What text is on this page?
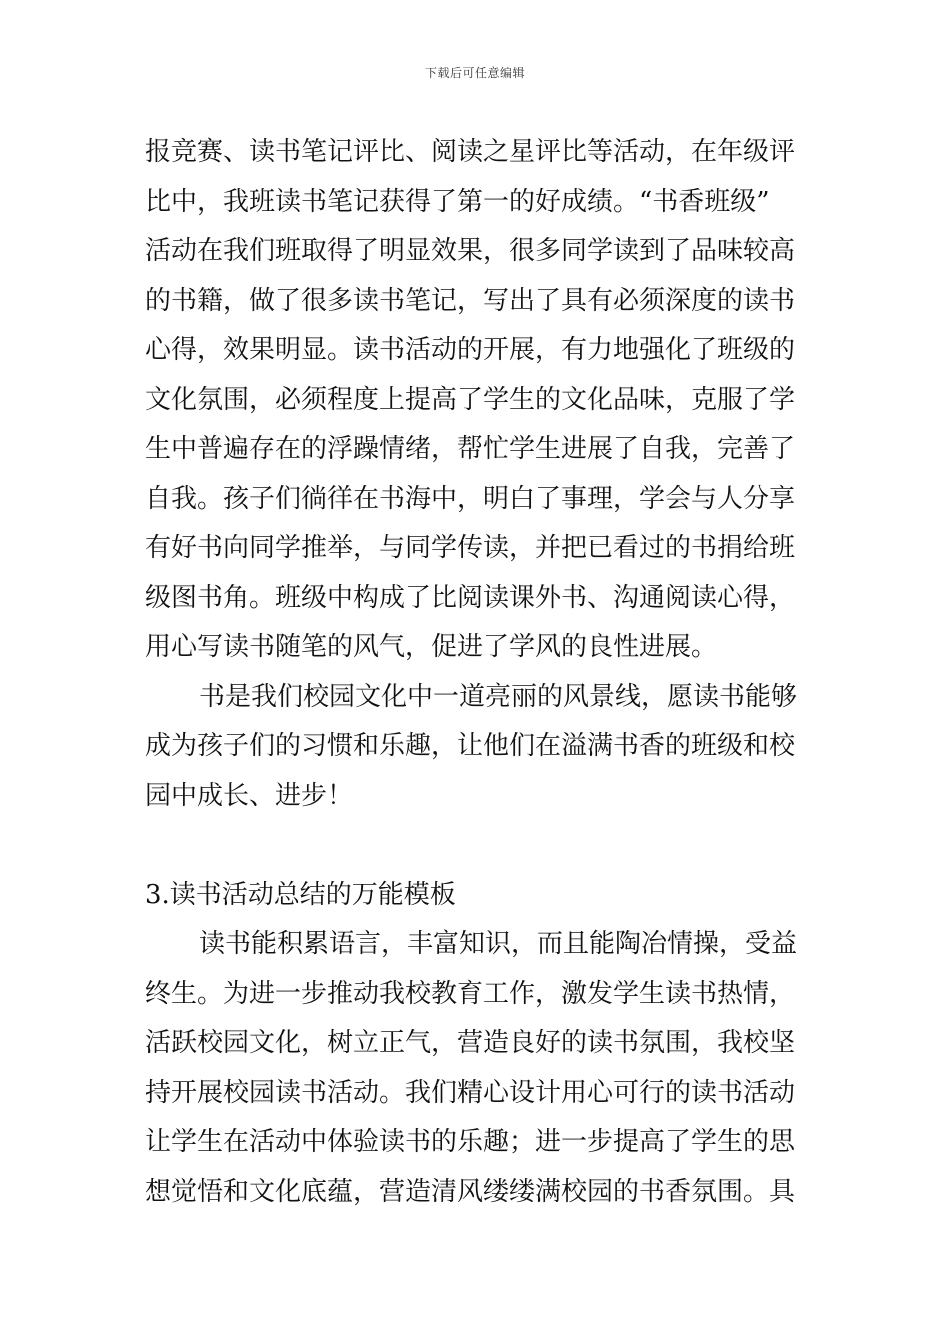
下载后可任意编辑
报竞赛、读书笔记评比、阅读之星评比等活动，在年级评
比中，我班读书笔记获得了第一的好成绩。“书香班级”
活动在我们班取得了明显效果，很多同学读到了品味较高
的书籍，做了很多读书笔记，写出了具有必须深度的读书
心得，效果明显。读书活动的开展，有力地强化了班级的
文化氛围，必须程度上提高了学生的文化品味，克服了学
生中普遍存在的浮躁情绪，帮忙学生进展了自我，完善了
自我。孩子们徜徉在书海中，明白了事理，学会与人分享
有好书向同学推举，与同学传读，并把已看过的书捐给班
级图书角。班级中构成了比阅读课外书、沟通阅读心得，
用心写读书随笔的风气，促进了学风的良性进展。
书是我们校园文化中一道亮丽的风景线，愿读书能够
成为孩子们的习惯和乐趣，让他们在溢满书香的班级和校
园中成长、进步！
3.读书活动总结的万能模板
读书能积累语言，丰富知识，而且能陶冶情操，受益
终生。为进一步推动我校教育工作，激发学生读书热情，
活跃校园文化，树立正气，营造良好的读书氛围，我校坚
持开展校园读书活动。我们精心设计用心可行的读书活动
让学生在活动中体验读书的乐趣；进一步提高了学生的思
想觉悟和文化底蕴，营造清风缕缕满校园的书香氛围。具
